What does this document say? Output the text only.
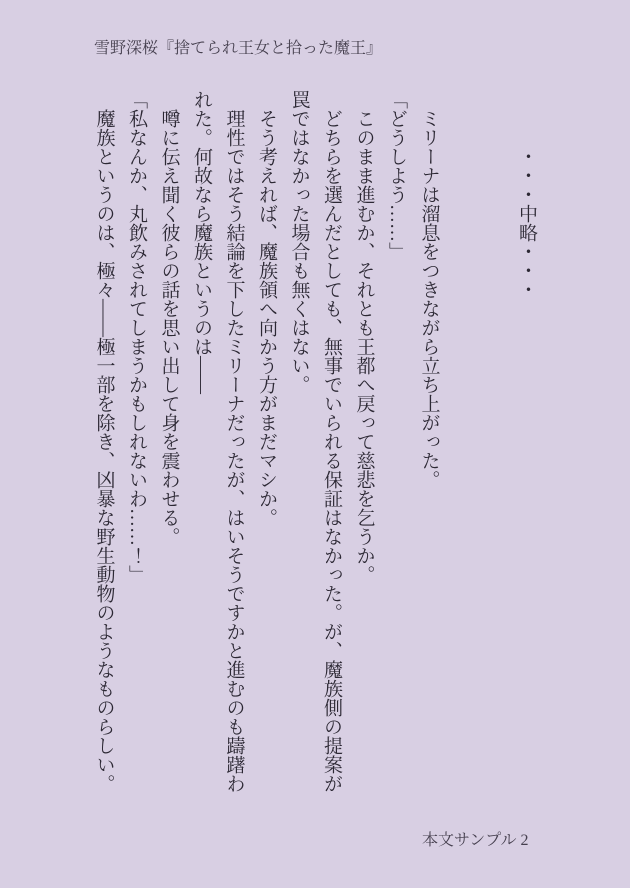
雪野深桜『捨てられ王女と拾った魔王』

　　　・・・中略・・・

　ミリーナは溜息をつきながら立ち上がった。

「どうしよう……」

　このまま進むか、それとも王都へ戻って慈悲を乞うか。

　どちらを選んだとしても、無事でいられる保証はなかった。が、魔族側の提案が罠ではなかった場合も無くはない。

　そう考えれば、魔族領へ向かう方がまだマシか。

　理性ではそう結論を下したミリーナだったが、はいそうですかと進むのも躊躇われた。何故なら魔族というのは――

　噂に伝え聞く彼らの話を思い出して身を震わせる。

「私なんか、丸飲みされてしまうかもしれないわ……！」

　魔族というのは、極々――極一部を除き、凶暴な野生動物のようなものらしい。

本文サンプル 2
